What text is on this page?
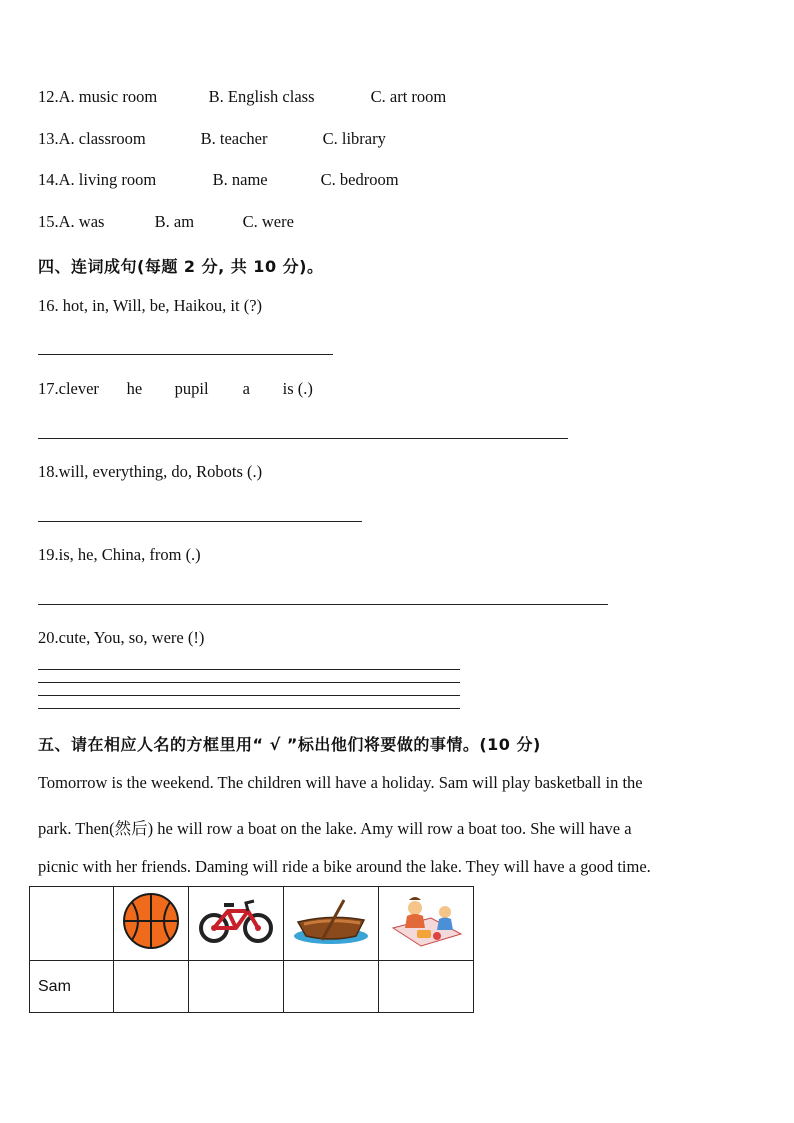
12.A. music room	B. English class	C. art room
13.A. classroom	B. teacher	C. library
14.A. living room	B. name	C. bedroom
15.A. was	B. am	C. were
四、连词成句(每题 2 分, 共 10 分)。
16. hot, in, Will, be, Haikou, it (?)
17.clever he pupil a is (.)
18.will, everything, do, Robots (.)
19.is, he, China, from (.)
20.cute, You, so, were (!)
五、请在相应人名的方框里用“ √ ”标出他们将要做的事情。(10 分)
Tomorrow is the weekend. The children will have a holiday. Sam will play basketball in the
park. Then(然后) he will row a boat on the lake. Amy will row a boat too. She will have a
picnic with her friends. Daming will ride a bike around the lake. They will have a good time.

Sam				
